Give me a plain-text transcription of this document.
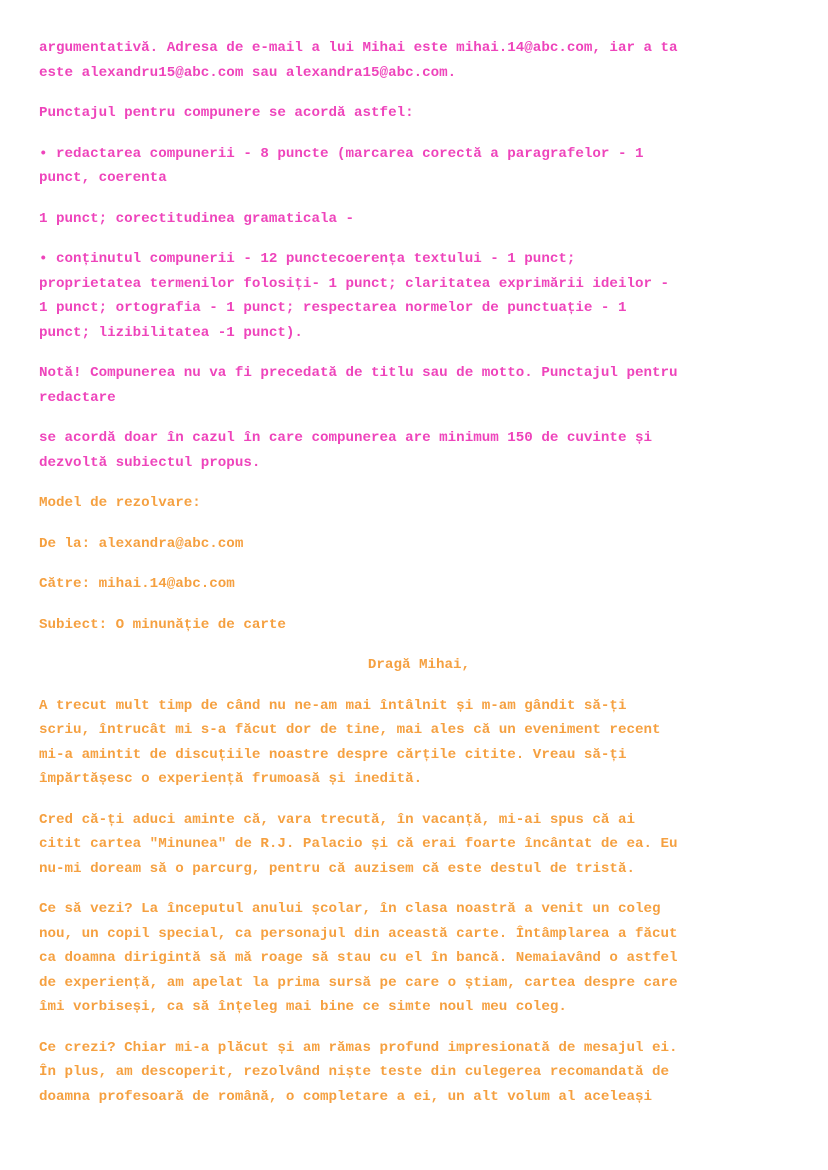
argumentativă. Adresa de e-mail a lui Mihai este mihai.14@abc.com, iar a ta
este alexandru15@abc.com sau alexandra15@abc.com.
Punctajul pentru compunere se acordă astfel:
• redactarea compunerii - 8 puncte (marcarea corectă a paragrafelor - 1
punct, coerenta
1 punct; corectitudinea gramaticala -
• conținutul compunerii - 12 punctecoerența textului - 1 punct;
proprietatea termenilor folosiți- 1 punct; claritatea exprimării ideilor -
1 punct; ortografia - 1 punct; respectarea normelor de punctuație - 1
punct; lizibilitatea -1 punct).
Notă! Compunerea nu va fi precedată de titlu sau de motto. Punctajul pentru
redactare
se acordă doar în cazul în care compunerea are minimum 150 de cuvinte și
dezvoltă subiectul propus.
Model de rezolvare:
De la: alexandra@abc.com
Către: mihai.14@abc.com
Subiect: O minunăție de carte
Dragă Mihai,
A trecut mult timp de când nu ne-am mai întâlnit și m-am gândit să-ți
scriu, întrucât mi s-a făcut dor de tine, mai ales că un eveniment recent
mi-a amintit de discuțiile noastre despre cărțile citite. Vreau să-ți
împărtășesc o experiență frumoasă și inedită.
Cred că-ți aduci aminte că, vara trecută, în vacanță, mi-ai spus că ai
citit cartea "Minunea" de R.J. Palacio și că erai foarte încântat de ea. Eu
nu-mi doream să o parcurg, pentru că auzisem că este destul de tristă.
Ce să vezi? La începutul anului școlar, în clasa noastră a venit un coleg
nou, un copil special, ca personajul din această carte. Întâmplarea a făcut
ca doamna dirigintă să mă roage să stau cu el în bancă. Nemaiavând o astfel
de experiență, am apelat la prima sursă pe care o știam, cartea despre care
îmi vorbiseși, ca să înțeleg mai bine ce simte noul meu coleg.
Ce crezi? Chiar mi-a plăcut și am rămas profund impresionată de mesajul ei.
În plus, am descoperit, rezolvând niște teste din culegerea recomandată de
doamna profesoară de română, o completare a ei, un alt volum al aceleași
